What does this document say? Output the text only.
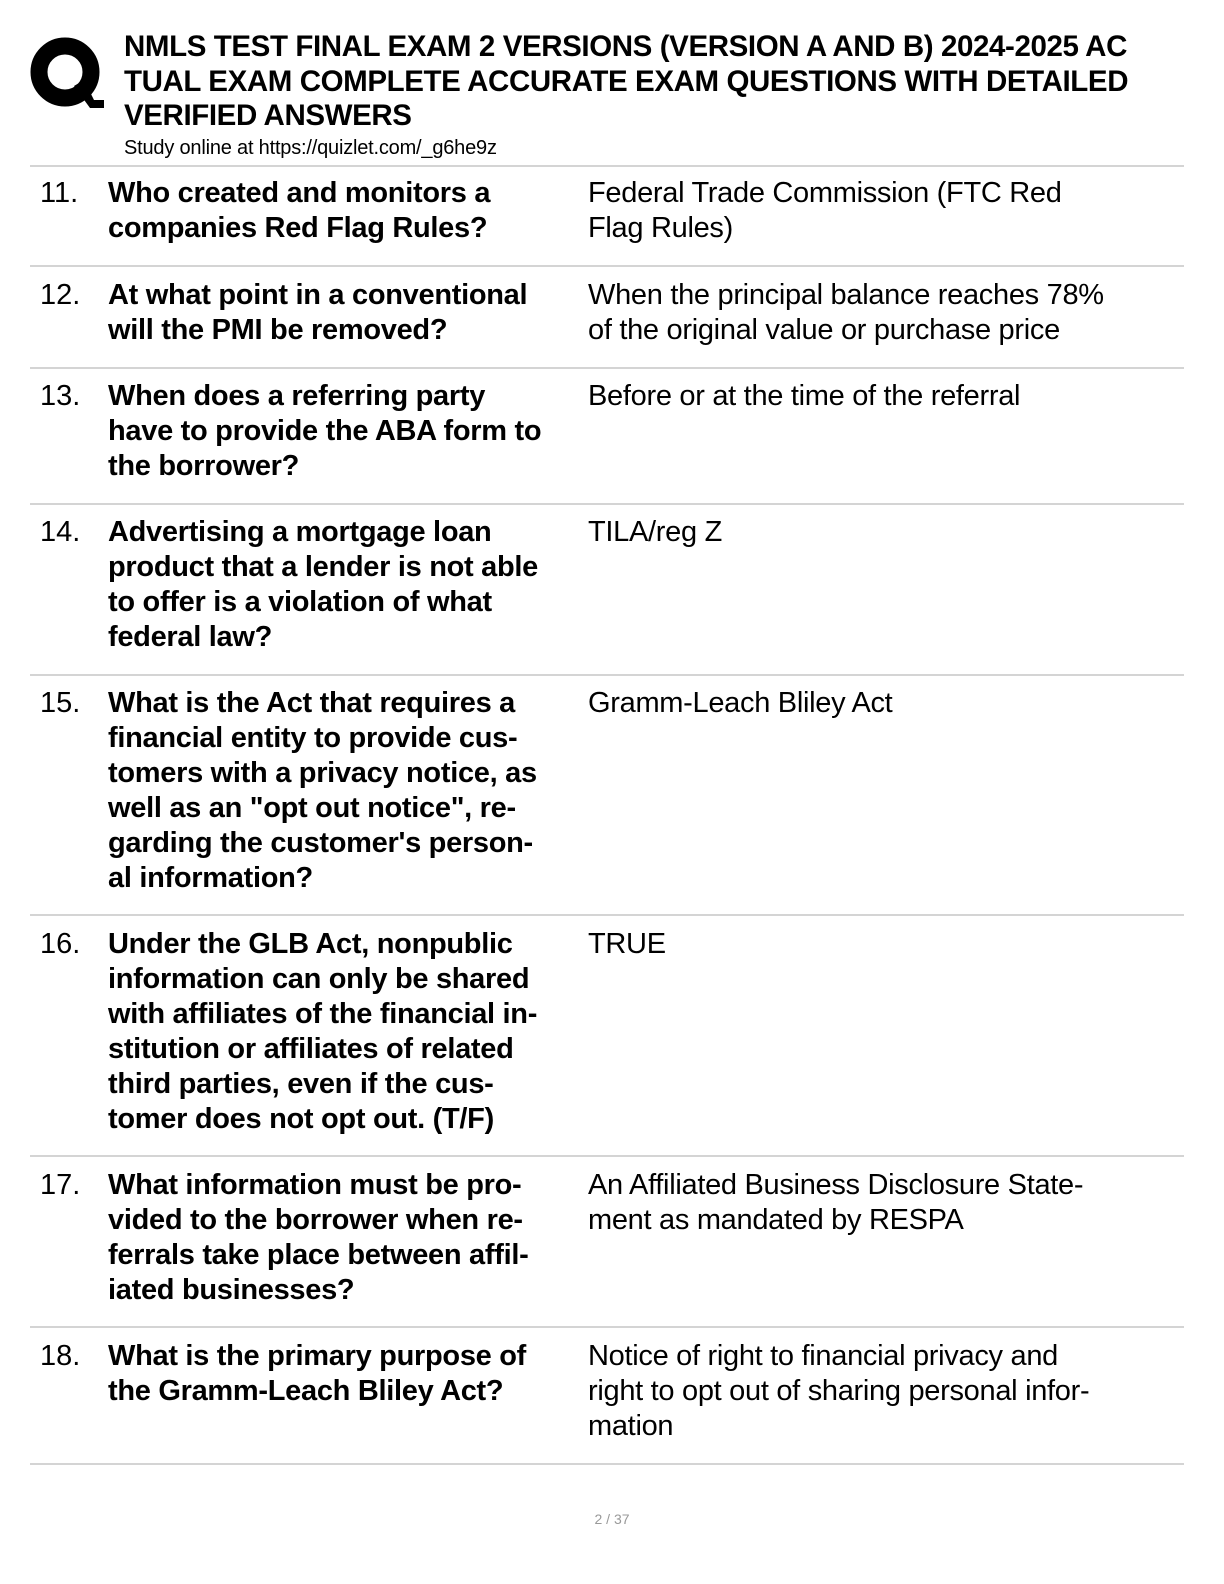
NMLS TEST FINAL EXAM 2 VERSIONS (VERSION A AND B) 2024-2025 AC
TUAL EXAM COMPLETE ACCURATE EXAM QUESTIONS WITH DETAILED
VERIFIED ANSWERS
Study online at https://quizlet.com/_g6he9z
11.	Who created and monitors a
companies Red Flag Rules?
Federal Trade Commission (FTC Red
Flag Rules)
12. At what point in a conventional
will the PMI be removed?
When the principal balance reaches 78%
of the original value or purchase price
13. When does a referring party
have to provide the ABA form to
the borrower?
Before or at the time of the referral
14. Advertising a mortgage loan
product that a lender is not able
to offer is a violation of what
federal law?
TILA/reg Z
15. What is the Act that requires a
financial entity to provide cus-
tomers with a privacy notice, as
well as an "opt out notice", re-
garding the customer's person-
al information?
Gramm-Leach Bliley Act
16. Under the GLB Act, nonpublic
information can only be shared
with affiliates of the financial in-
stitution or affiliates of related
third parties, even if the cus-
tomer does not opt out. (T/F)
TRUE
17. What information must be pro-
vided to the borrower when re-
ferrals take place between affil-
iated businesses?
An Affiliated Business Disclosure State-
ment as mandated by RESPA
18. What is the primary purpose of
the Gramm-Leach Bliley Act?
Notice of right to financial privacy and
right to opt out of sharing personal infor-
mation
2 / 37
